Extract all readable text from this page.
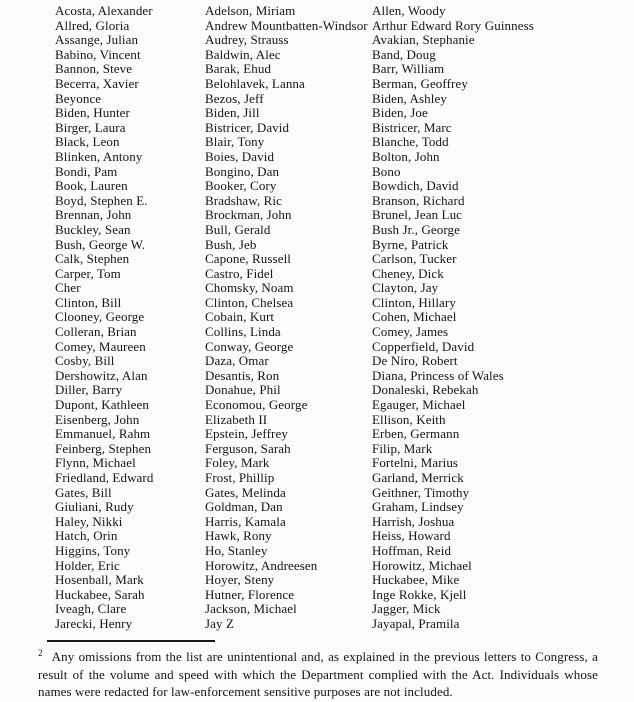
Acosta, Alexander
Allred, Gloria
Assange, Julian
Babino, Vincent
Bannon, Steve
Becerra, Xavier
Beyonce
Biden, Hunter
Birger, Laura
Black, Leon
Blinken, Antony
Bondi, Pam
Book, Lauren
Boyd, Stephen E.
Brennan, John
Buckley, Sean
Bush, George W.
Calk, Stephen
Carper, Tom
Cher
Clinton, Bill
Clooney, George
Colleran, Brian
Comey, Maureen
Cosby, Bill
Dershowitz, Alan
Diller, Barry
Dupont, Kathleen
Eisenberg, John
Emmanuel, Rahm
Feinberg, Stephen
Flynn, Michael
Friedland, Edward
Gates, Bill
Giuliani, Rudy
Haley, Nikki
Hatch, Orin
Higgins, Tony
Holder, Eric
Hosenball, Mark
Huckabee, Sarah
Iveagh, Clare
Jarecki, Henry
Adelson, Miriam
Andrew Mountbatten-Windsor
Audrey, Strauss
Baldwin, Alec
Barak, Ehud
Belohlavek, Lanna
Bezos, Jeff
Biden, Jill
Bistricer, David
Blair, Tony
Boies, David
Bongino, Dan
Booker, Cory
Bradshaw, Ric
Brockman, John
Bull, Gerald
Bush, Jeb
Capone, Russell
Castro, Fidel
Chomsky, Noam
Clinton, Chelsea
Cobain, Kurt
Collins, Linda
Conway, George
Daza, Omar
Desantis, Ron
Donahue, Phil
Economou, George
Elizabeth II
Epstein, Jeffrey
Ferguson, Sarah
Foley, Mark
Frost, Phillip
Gates, Melinda
Goldman, Dan
Harris, Kamala
Hawk, Rony
Ho, Stanley
Horowitz, Andreesen
Hoyer, Steny
Hutner, Florence
Jackson, Michael
Jay Z
Allen, Woody
Arthur Edward Rory Guinness
Avakian, Stephanie
Band, Doug
Barr, William
Berman, Geoffrey
Biden, Ashley
Biden, Joe
Bistricer, Marc
Blanche, Todd
Bolton, John
Bono
Bowdich, David
Branson, Richard
Brunel, Jean Luc
Bush Jr., George
Byrne, Patrick
Carlson, Tucker
Cheney, Dick
Clayton, Jay
Clinton, Hillary
Cohen, Michael
Comey, James
Copperfield, David
De Niro, Robert
Diana, Princess of Wales
Donaleski, Rebekah
Egauger, Michael
Ellison, Keith
Erben, Germann
Filip, Mark
Fortelni, Marius
Garland, Merrick
Geithner, Timothy
Graham, Lindsey
Harrish, Joshua
Heiss, Howard
Hoffman, Reid
Horowitz, Michael
Huckabee, Mike
Inge Rokke, Kjell
Jagger, Mick
Jayapal, Pramila
$^2$ Any omissions from the list are unintentional and, as explained in the previous letters to Congress, a result of the volume and speed with which the Department complied with the Act. Individuals whose names were redacted for law-enforcement sensitive purposes are not included.
